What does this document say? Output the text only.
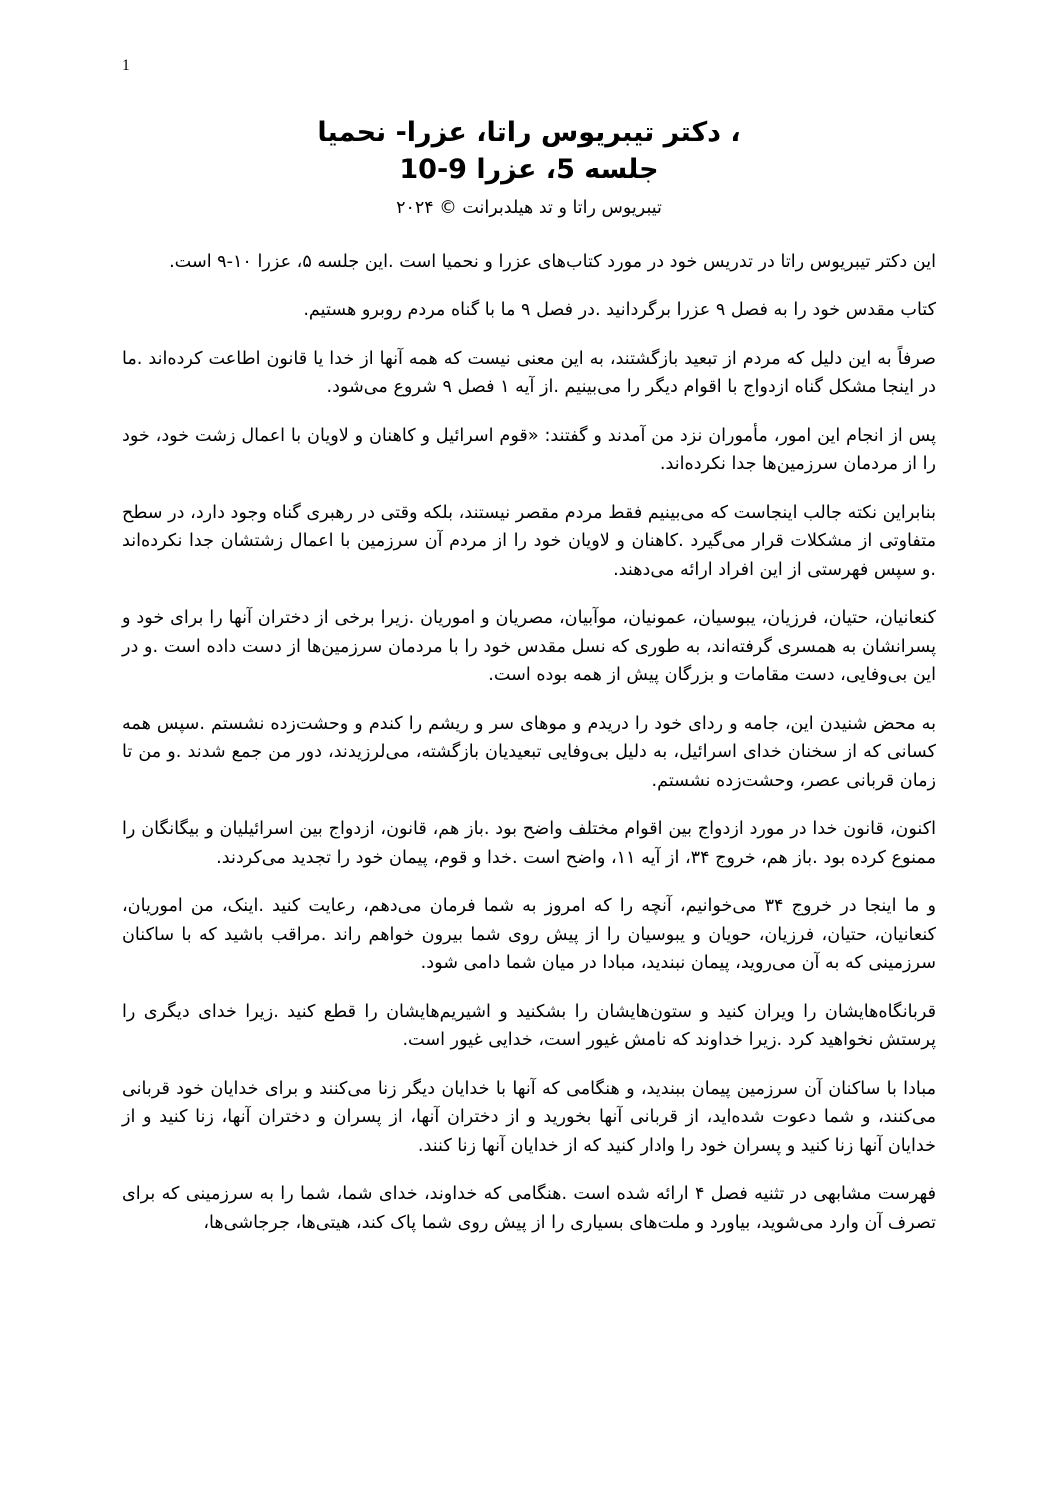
1
، دکتر تیبریوس راتا، عزرا- نحمیا
جلسه 5، عزرا 9-10
تیبریوس راتا و تد هیلدبرانت © ۲۰۲۴

این دکتر تیبریوس راتا در تدریس خود در مورد کتاب‌های عزرا و نحمیا است .این جلسه ۵، عزرا ۱۰-۹ است.

کتاب مقدس خود را به فصل ۹ عزرا برگردانید .در فصل ۹ ما با گناه مردم روبرو هستیم.

صرفاً به این دلیل که مردم از تبعید بازگشتند، به این معنی نیست که همه آنها از خدا یا قانون اطاعت کرده‌اند .ما در اینجا مشکل گناه ازدواج با اقوام دیگر را می‌بینیم .از آیه ۱ فصل ۹ شروع می‌شود.

پس از انجام این امور، مأموران نزد من آمدند و گفتند: «قوم اسرائیل و کاهنان و لاویان با اعمال زشت خود، خود را از مردمان سرزمین‌ها جدا نکرده‌اند.

بنابراین نکته جالب اینجاست که می‌بینیم فقط مردم مقصر نیستند، بلکه وقتی در رهبری گناه وجود دارد، در سطح متفاوتی از مشکلات قرار می‌گیرد .کاهنان و لاویان خود را از مردم آن سرزمین با اعمال زشتشان جدا نکرده‌اند .و سپس فهرستی از این افراد ارائه می‌دهند.

کنعانیان، حتیان، فرزیان، یبوسیان، عمونیان، موآبیان، مصریان و اموریان .زیرا برخی از دختران آنها را برای خود و پسرانشان به همسری گرفته‌اند، به طوری که نسل مقدس خود را با مردمان سرزمین‌ها از دست داده است .و در این بی‌وفایی، دست مقامات و بزرگان پیش از همه بوده است.

به محض شنیدن این، جامه و ردای خود را دریدم و موهای سر و ریشم را کندم و وحشت‌زده نشستم .سپس همه کسانی که از سخنان خدای اسرائیل، به دلیل بی‌وفایی تبعیدیان بازگشته، می‌لرزیدند، دور من جمع شدند .و من تا زمان قربانی عصر، وحشت‌زده نشستم.

اکنون، قانون خدا در مورد ازدواج بین اقوام مختلف واضح بود .باز هم، قانون، ازدواج بین اسرائیلیان و بیگانگان را ممنوع کرده بود .باز هم، خروج ۳۴، از آیه ۱۱، واضح است .خدا و قوم، پیمان خود را تجدید می‌کردند.

و ما اینجا در خروج ۳۴ می‌خوانیم، آنچه را که امروز به شما فرمان می‌دهم، رعایت کنید .اینک، من اموریان، کنعانیان، حتیان، فرزیان، حویان و یبوسیان را از پیش روی شما بیرون خواهم راند .مراقب باشید که با ساکنان سرزمینی که به آن می‌روید، پیمان نبندید، مبادا در میان شما دامی شود.

قربانگاه‌هایشان را ویران کنید و ستون‌هایشان را بشکنید و اشیریم‌هایشان را قطع کنید .زیرا خدای دیگری را پرستش نخواهید کرد .زیرا خداوند که نامش غیور است، خدایی غیور است.

مبادا با ساکنان آن سرزمین پیمان ببندید، و هنگامی که آنها با خدایان دیگر زنا می‌کنند و برای خدایان خود قربانی می‌کنند، و شما دعوت شده‌اید، از قربانی آنها بخورید و از دختران آنها، از پسران و دختران آنها، زنا کنید و از خدایان آنها زنا کنید و پسران خود را وادار کنید که از خدایان آنها زنا کنند.

فهرست مشابهی در تثنیه فصل ۴ ارائه شده است .هنگامی که خداوند، خدای شما، شما را به سرزمینی که برای تصرف آن وارد می‌شوید، بیاورد و ملت‌های بسیاری را از پیش روی شما پاک کند، هیتی‌ها، جرجاشی‌ها،
